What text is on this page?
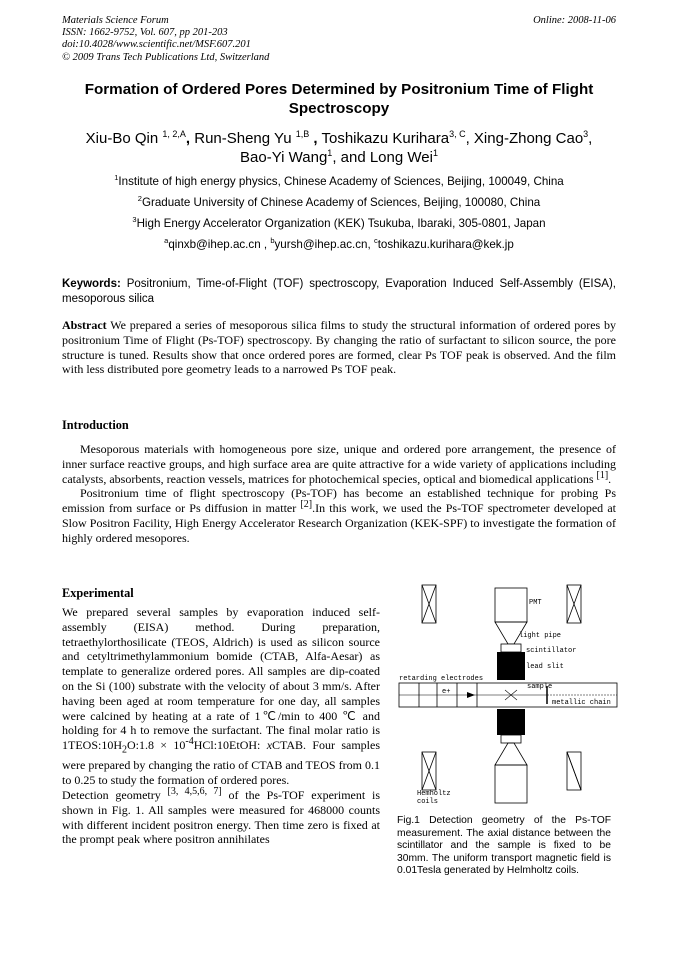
Materials Science Forum
ISSN: 1662-9752, Vol. 607, pp 201-203
doi:10.4028/www.scientific.net/MSF.607.201
© 2009 Trans Tech Publications Ltd, Switzerland
Online: 2008-11-06
Formation of Ordered Pores Determined by Positronium Time of Flight Spectroscopy
Xiu-Bo Qin $^{1, 2,A}$, Run-Sheng Yu $^{1,B}$ , Toshikazu Kurihara$^{3, C}$, Xing-Zhong Cao$^3$,
Bao-Yi Wang$^1$, and Long Wei$^1$
$^1$Institute of high energy physics, Chinese Academy of Sciences, Beijing, 100049, China
$^2$Graduate University of Chinese Academy of Sciences, Beijing, 100080, China
$^3$High Energy Accelerator Organization (KEK) Tsukuba, Ibaraki, 305-0801, Japan
$^a$qinxb@ihep.ac.cn , $^b$yursh@ihep.ac.cn, $^c$toshikazu.kurihara@kek.jp
Keywords: Positronium, Time-of-Flight (TOF) spectroscopy, Evaporation Induced Self-Assembly (EISA), mesoporous silica
Abstract We prepared a series of mesoporous silica films to study the structural information of ordered pores by positronium Time of Flight (Ps-TOF) spectroscopy. By changing the ratio of surfactant to silicon source, the pore structure is tuned. Results show that once ordered pores are formed, clear Ps TOF peak is observed. And the film with less distributed pore geometry leads to a narrowed Ps TOF peak.
Introduction

Mesoporous materials with homogeneous pore size, unique and ordered pore arrangement, the presence of inner surface reactive groups, and high surface area are quite attractive for a wide variety of applications including catalysts, absorbents, reaction vessels, matrices for photochemical species, optical and biomedical applications [1].

Positronium time of flight spectroscopy (Ps-TOF) has become an established technique for probing Ps emission from surface or Ps diffusion in matter [2].In this work, we used the Ps-TOF spectrometer developed at Slow Positron Facility, High Energy Accelerator Research Organization (KEK-SPF) to investigate the formation of highly ordered mesopores.

Experimental

We prepared several samples by evaporation induced self-assembly (EISA) method. During preparation, tetraethylorthosilicate (TEOS, Aldrich) is used as silicon source and cetyltrimethylammonium bomide (CTAB, Alfa-Aesar) as template to generalize ordered pores. All samples are dip-coated on the Si (100) substrate with the velocity of about 3 mm/s. After having been aged at room temperature for one day, all samples were calcined by heating at a rate of 1℃/min to 400 ℃ and holding for 4 h to remove the surfactant. The final molar ratio is $1TEOS:10H_2O:1.8$ × $10^{-4}HCl:10EtOH$: xCTAB. Four samples were prepared by changing the ratio of CTAB and TEOS from 0.1 to 0.25 to study the formation of ordered pores.

Detection geometry [3, 4,5,6, 7] of the Ps-TOF experiment is shown in Fig. 1. All samples were measured for 468000 counts with different incident positron energy. Then time zero is fixed at the prompt peak where positron annihilates

PMT
light pipe
scintillator
lead slit
retarding electrodes
sample
e+
metallic chain
Hemholtz
coils
Fig.1 Detection geometry of the Ps-TOF measurement. The axial distance between the scintillator and the sample is fixed to be 30mm. The uniform transport magnetic field is 0.01Tesla generated by Helmholtz coils.
